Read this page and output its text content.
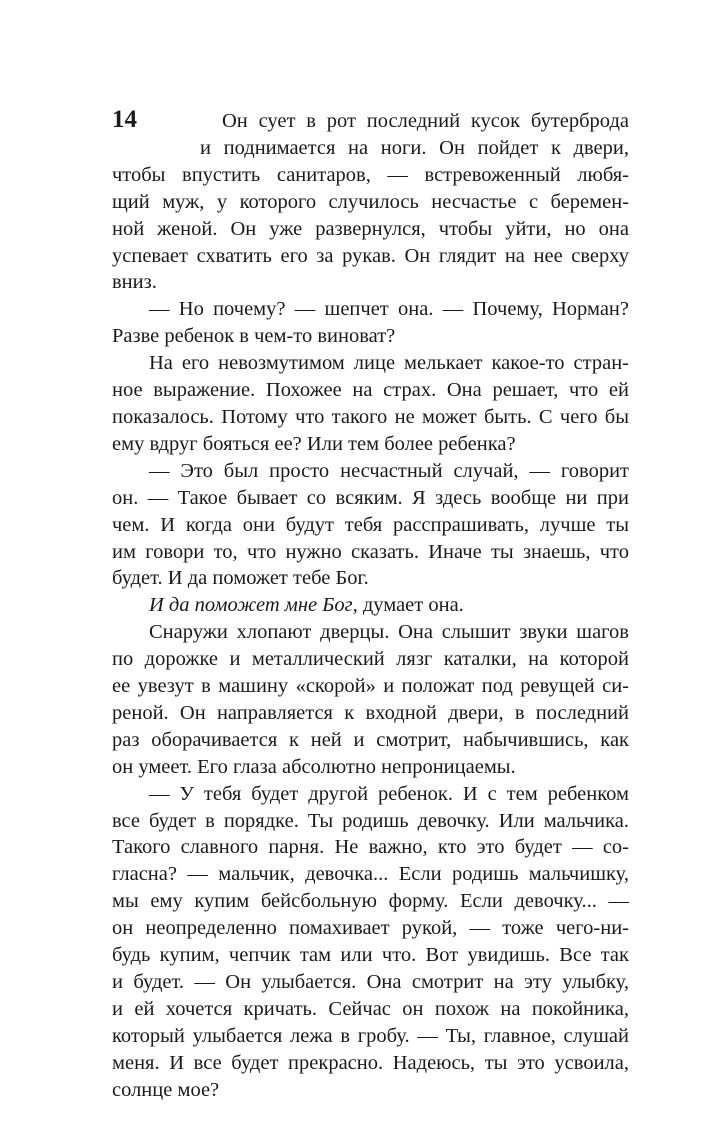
14	Он сует в рот последний кусок бутерброда
и поднимается на ноги. Он пойдет к двери,
чтобы впустить санитаров, — встревоженный любя-
щий муж, у которого случилось несчастье с беремен-
ной женой. Он уже развернулся, чтобы уйти, но она
успевает схватить его за рукав. Он глядит на нее сверху
вниз.
— Но почему? — шепчет она. — Почему, Норман?
Разве ребенок в чем-то виноват?
На его невозмутимом лице мелькает какое-то стран-
ное выражение. Похожее на страх. Она решает, что ей
показалось. Потому что такого не может быть. С чего бы
ему вдруг бояться ее? Или тем более ребенка?
— Это был просто несчастный случай, — говорит
он. — Такое бывает со всяким. Я здесь вообще ни при
чем. И когда они будут тебя расспрашивать, лучше ты
им говори то, что нужно сказать. Иначе ты знаешь, что
будет. И да поможет тебе Бог.
И да поможет мне Бог, думает она.
Снаружи хлопают дверцы. Она слышит звуки шагов
по дорожке и металлический лязг каталки, на которой
ее увезут в машину «скорой» и положат под ревущей си-
реной. Он направляется к входной двери, в последний
раз оборачивается к ней и смотрит, набычившись, как
он умеет. Его глаза абсолютно непроницаемы.
— У тебя будет другой ребенок. И с тем ребенком
все будет в порядке. Ты родишь девочку. Или мальчика.
Такого славного парня. Не важно, кто это будет — со-
гласна? — мальчик, девочка... Если родишь мальчишку,
мы ему купим бейсбольную форму. Если девочку... —
он неопределенно помахивает рукой, — тоже чего-ни-
будь купим, чепчик там или что. Вот увидишь. Все так
и будет. — Он улыбается. Она смотрит на эту улыбку,
и ей хочется кричать. Сейчас он похож на покойника,
который улыбается лежа в гробу. — Ты, главное, слушай
меня. И все будет прекрасно. Надеюсь, ты это усвоила,
солнце мое?
